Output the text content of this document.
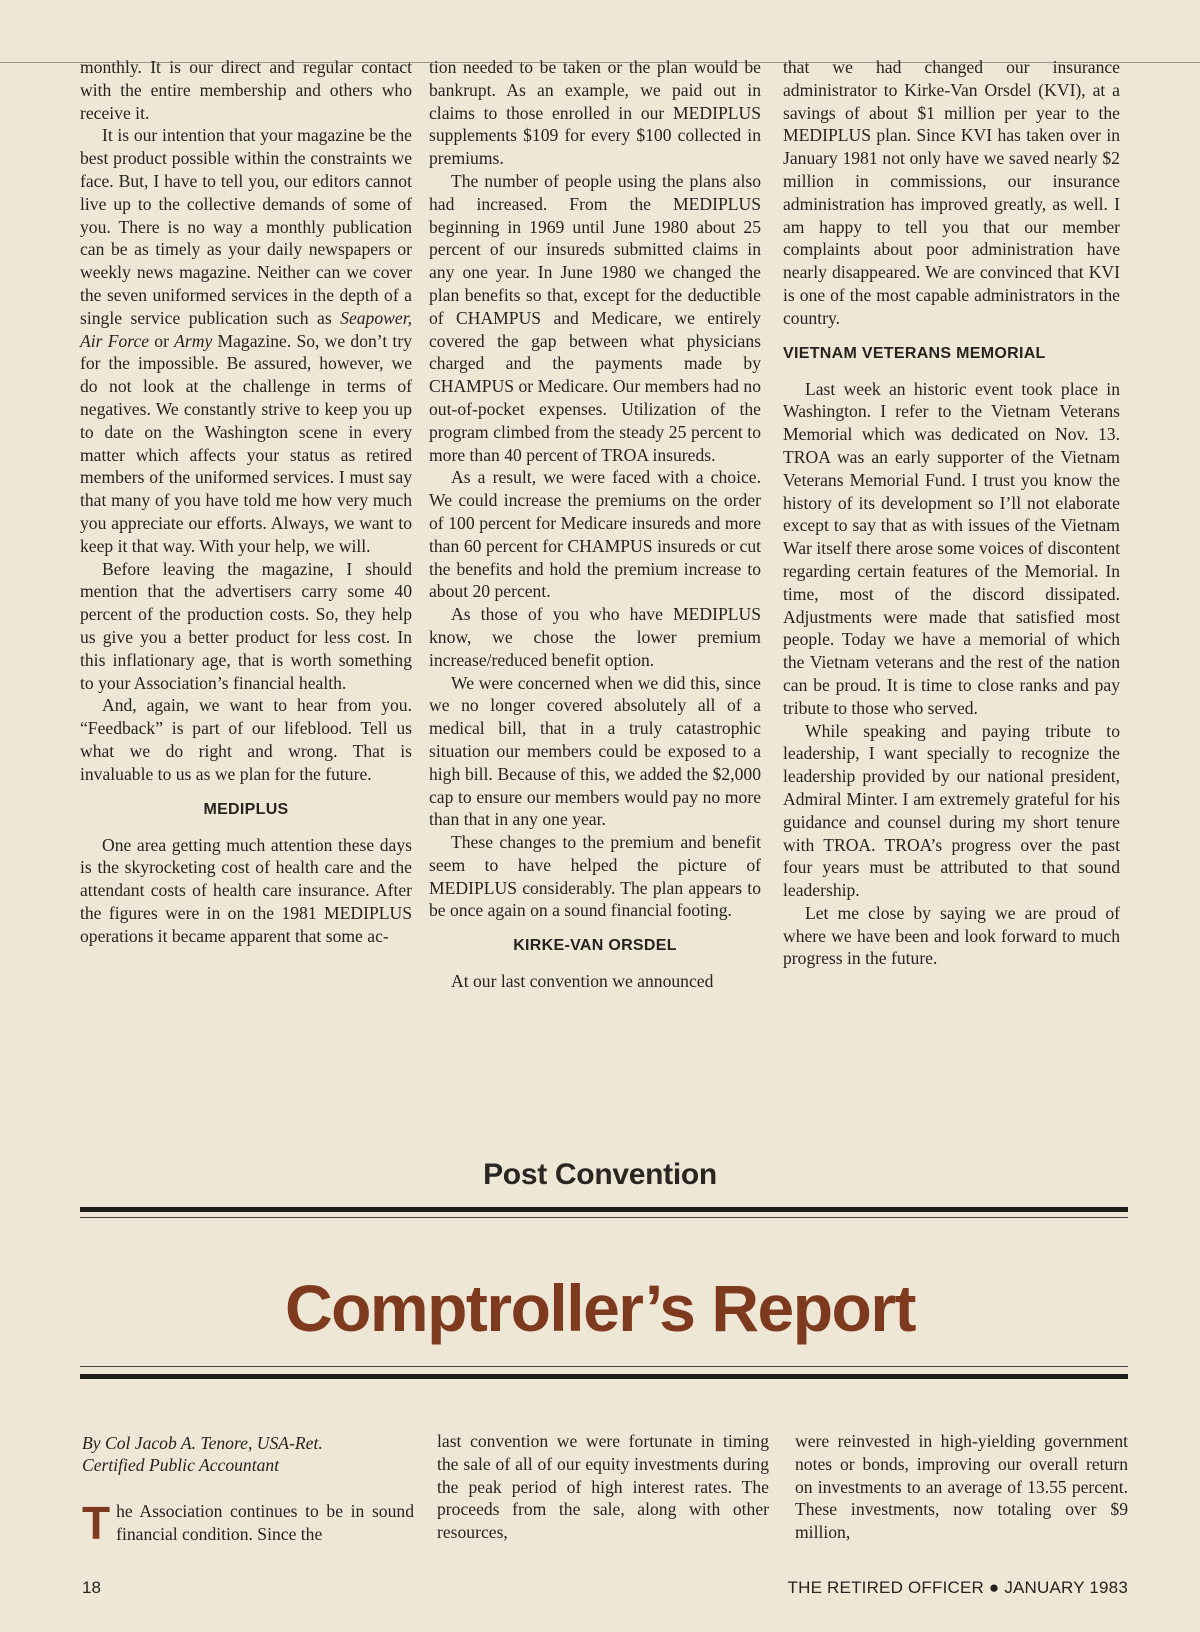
monthly. It is our direct and regular contact with the entire membership and others who receive it.

It is our intention that your magazine be the best product possible within the constraints we face. But, I have to tell you, our editors cannot live up to the collective demands of some of you. There is no way a monthly publication can be as timely as your daily newspapers or weekly news magazine. Neither can we cover the seven uniformed services in the depth of a single service publication such as Seapower, Air Force or Army Magazine. So, we don’t try for the impossible. Be assured, however, we do not look at the challenge in terms of negatives. We constantly strive to keep you up to date on the Washington scene in every matter which affects your status as retired members of the uniformed services. I must say that many of you have told me how very much you appreciate our efforts. Always, we want to keep it that way. With your help, we will.

Before leaving the magazine, I should mention that the advertisers carry some 40 percent of the production costs. So, they help us give you a better product for less cost. In this inflationary age, that is worth something to your Association’s financial health.

And, again, we want to hear from you. “Feedback” is part of our lifeblood. Tell us what we do right and wrong. That is invaluable to us as we plan for the future.

MEDIPLUS

One area getting much attention these days is the skyrocketing cost of health care and the attendant costs of health care insurance. After the figures were in on the 1981 MEDIPLUS operations it became apparent that some ac-

tion needed to be taken or the plan would be bankrupt. As an example, we paid out in claims to those enrolled in our MEDIPLUS supplements $109 for every $100 collected in premiums.

The number of people using the plans also had increased. From the MEDIPLUS beginning in 1969 until June 1980 about 25 percent of our insureds submitted claims in any one year. In June 1980 we changed the plan benefits so that, except for the deductible of CHAMPUS and Medicare, we entirely covered the gap between what physicians charged and the payments made by CHAMPUS or Medicare. Our members had no out-of-pocket expenses. Utilization of the program climbed from the steady 25 percent to more than 40 percent of TROA insureds.

As a result, we were faced with a choice. We could increase the premiums on the order of 100 percent for Medicare insureds and more than 60 percent for CHAMPUS insureds or cut the benefits and hold the premium increase to about 20 percent.

As those of you who have MEDIPLUS know, we chose the lower premium increase/reduced benefit option.

We were concerned when we did this, since we no longer covered absolutely all of a medical bill, that in a truly catastrophic situation our members could be exposed to a high bill. Because of this, we added the $2,000 cap to ensure our members would pay no more than that in any one year.

These changes to the premium and benefit seem to have helped the picture of MEDIPLUS considerably. The plan appears to be once again on a sound financial footing.

KIRKE-VAN ORSDEL

At our last convention we announced

that we had changed our insurance administrator to Kirke-Van Orsdel (KVI), at a savings of about $1 million per year to the MEDIPLUS plan. Since KVI has taken over in January 1981 not only have we saved nearly $2 million in commissions, our insurance administration has improved greatly, as well. I am happy to tell you that our member complaints about poor administration have nearly disappeared. We are convinced that KVI is one of the most capable administrators in the country.

VIETNAM VETERANS MEMORIAL

Last week an historic event took place in Washington. I refer to the Vietnam Veterans Memorial which was dedicated on Nov. 13. TROA was an early supporter of the Vietnam Veterans Memorial Fund. I trust you know the history of its development so I’ll not elaborate except to say that as with issues of the Vietnam War itself there arose some voices of discontent regarding certain features of the Memorial. In time, most of the discord dissipated. Adjustments were made that satisfied most people. Today we have a memorial of which the Vietnam veterans and the rest of the nation can be proud. It is time to close ranks and pay tribute to those who served.

While speaking and paying tribute to leadership, I want specially to recognize the leadership provided by our national president, Admiral Minter. I am extremely grateful for his guidance and counsel during my short tenure with TROA. TROA’s progress over the past four years must be attributed to that sound leadership.

Let me close by saying we are proud of where we have been and look forward to much progress in the future.

Post Convention
Comptroller’s Report

By Col Jacob A. Tenore, USA-Ret.
Certified Public Accountant

The Association continues to be in sound financial condition. Since the

last convention we were fortunate in timing the sale of all of our equity investments during the peak period of high interest rates. The proceeds from the sale, along with other resources,

were reinvested in high-yielding government notes or bonds, improving our overall return on investments to an average of 13.55 percent. These investments, now totaling over $9 million,

18	THE RETIRED OFFICER ● JANUARY 1983
